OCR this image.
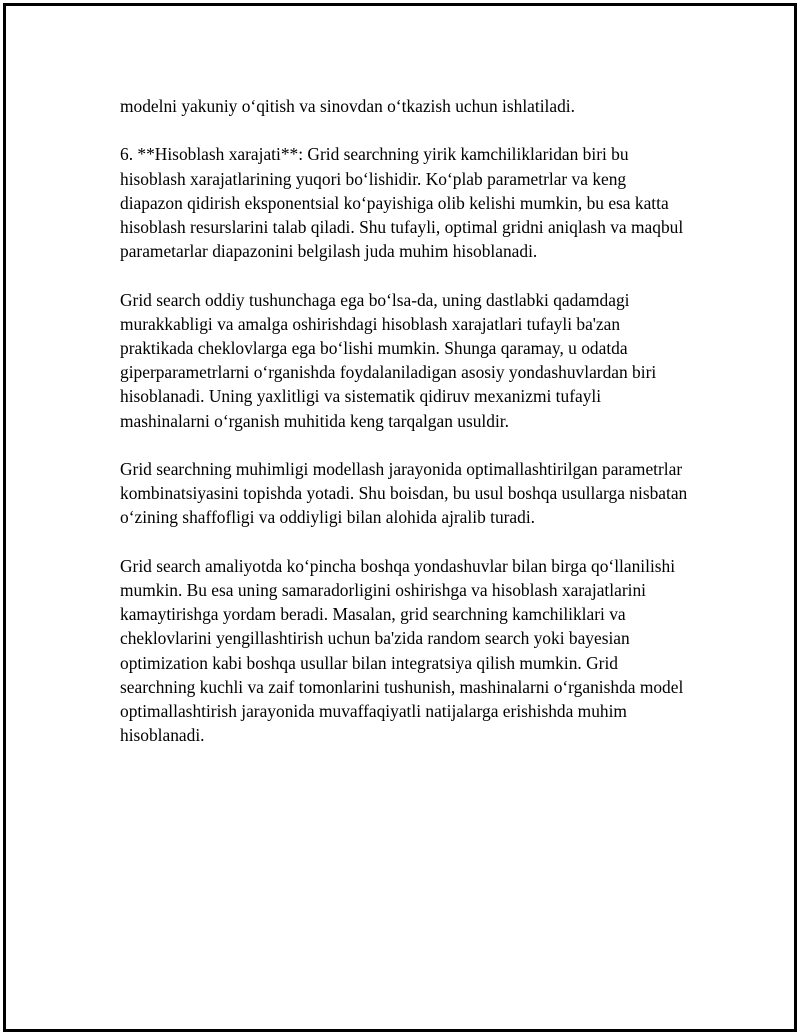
modelni yakuniy o‘qitish va sinovdan o‘tkazish uchun ishlatiladi.

6. **Hisoblash xarajati**: Grid searchning yirik kamchiliklaridan biri bu hisoblash xarajatlarining yuqori bo‘lishidir. Ko‘plab parametrlar va keng diapazon qidirish eksponentsial ko‘payishiga olib kelishi mumkin, bu esa katta hisoblash resurslarini talab qiladi. Shu tufayli, optimal gridni aniqlash va maqbul parametarlar diapazonini belgilash juda muhim hisoblanadi.

Grid search oddiy tushunchaga ega bo‘lsa-da, uning dastlabki qadamdagi murakkabligi va amalga oshirishdagi hisoblash xarajatlari tufayli ba'zan praktikada cheklovlarga ega bo‘lishi mumkin. Shunga qaramay, u odatda giperparametrlarni o‘rganishda foydalaniladigan asosiy yondashuvlardan biri hisoblanadi. Uning yaxlitligi va sistematik qidiruv mexanizmi tufayli mashinalarni o‘rganish muhitida keng tarqalgan usuldir.

Grid searchning muhimligi modellash jarayonida optimallashtirilgan parametrlar kombinatsiyasini topishda yotadi. Shu boisdan, bu usul boshqa usullarga nisbatan o‘zining shaffofligi va oddiyligi bilan alohida ajralib turadi.

Grid search amaliyotda ko‘pincha boshqa yondashuvlar bilan birga qo‘llanilishi mumkin. Bu esa uning samaradorligini oshirishga va hisoblash xarajatlarini kamaytirishga yordam beradi. Masalan, grid searchning kamchiliklari va cheklovlarini yengillashtirish uchun ba'zida random search yoki bayesian optimization kabi boshqa usullar bilan integratsiya qilish mumkin. Grid searchning kuchli va zaif tomonlarini tushunish, mashinalarni o‘rganishda model optimallashtirish jarayonida muvaffaqiyatli natijalarga erishishda muhim hisoblanadi.
